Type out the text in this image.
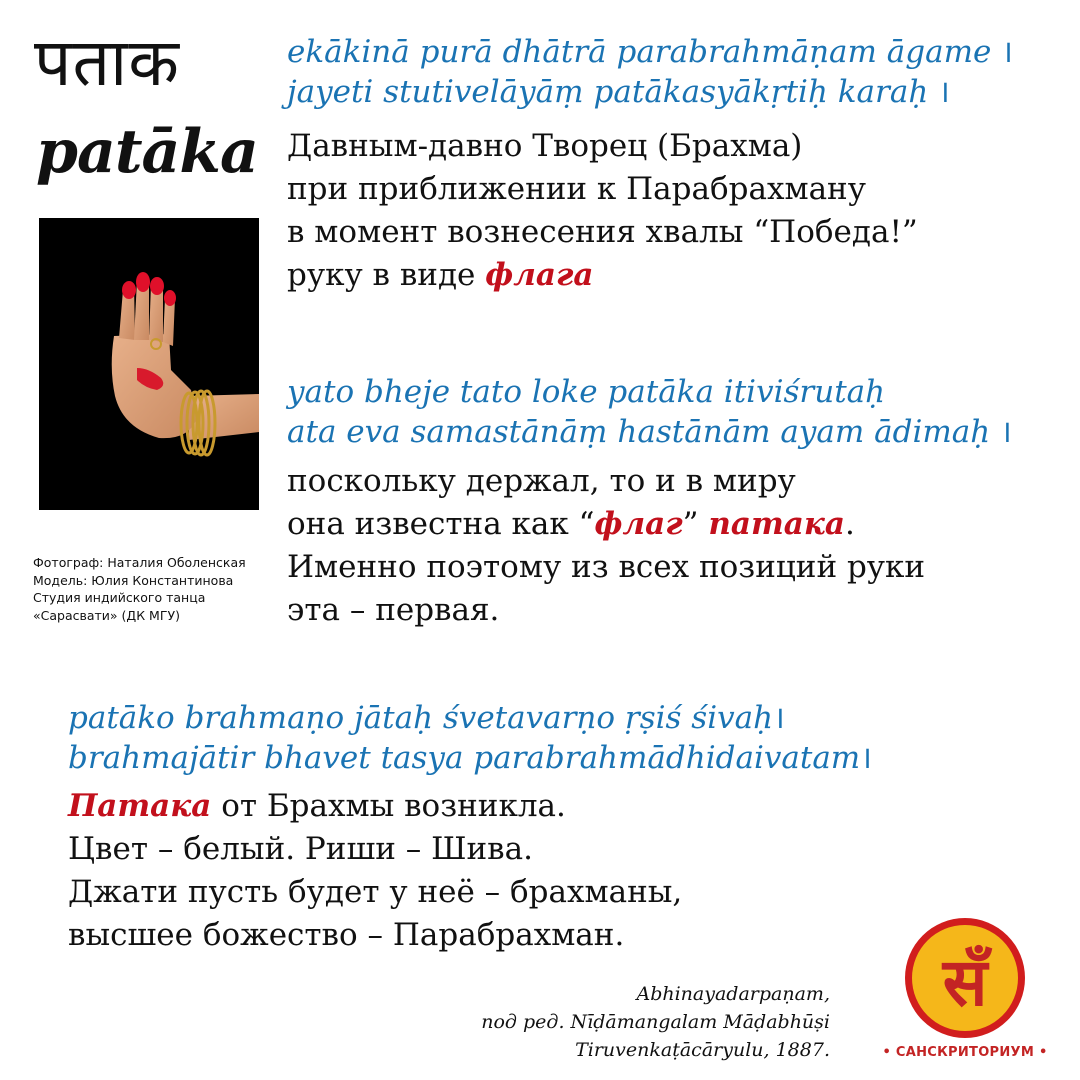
पताक
patāka
Фотограф: Наталия Оболенская
Модель: Юлия Константинова
Студия индийского танца
«Сарасвати» (ДК МГУ)
ekākinā purā dhātrā parabrahmāṇam āgame ।
jayeti stutivelāyāṃ patākasyākṛtiḥ karaḥ ।
Давным-давно Творец (Брахма)
при приближении к Парабрахману
в момент вознесения хвалы “Победа!”
руку в виде флага
yato bheje tato loke patāka itiviśrutaḥ
ata eva samastānāṃ hastānām ayam ādimaḥ ।
поскольку держал, то и в миру
она известна как “флаг” патака.
Именно поэтому из всех позиций руки
эта – первая.
patāko brahmaṇo jātaḥ śvetavarṇo ṛṣiś śivaḥ।
brahmajātir bhavet tasya parabrahmādhidaivatam।
Патака от Брахмы возникла.
Цвет – белый. Риши – Шива.
Джати пусть будет у неё – брахманы,
высшее божество – Парабрахман.
Abhinayadarpaṇam,
под ред. Nīḍāmangalam Māḍabhūṣi
Tiruvenkaṭācāryulu, 1887.
सँ
• САНСКРИТОРИУМ •
